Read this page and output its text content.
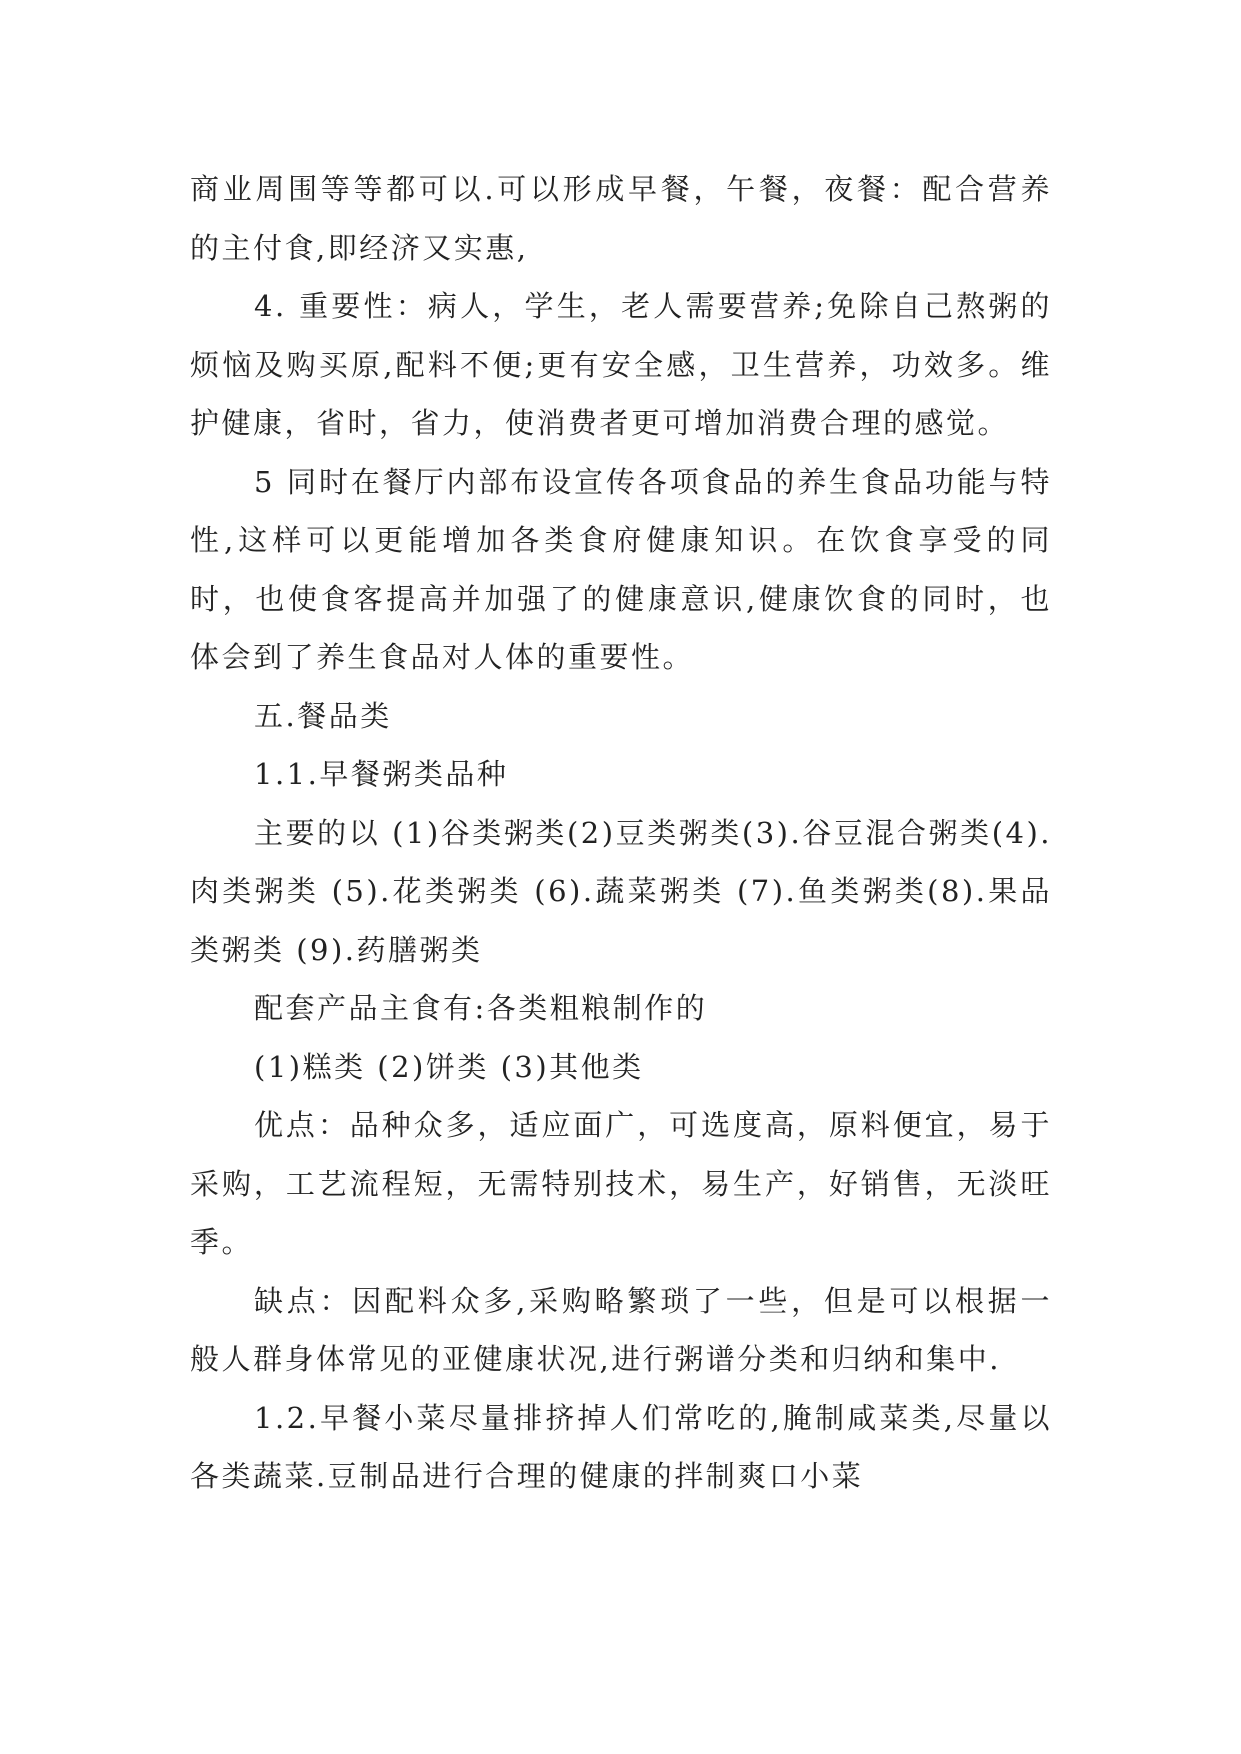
商业周围等等都可以.可以形成早餐，午餐，夜餐：配合营养的主付食,即经济又实惠,

4. 重要性：病人，学生，老人需要营养;免除自己熬粥的烦恼及购买原,配料不便;更有安全感，卫生营养，功效多。维护健康，省时，省力，使消费者更可增加消费合理的感觉。

5 同时在餐厅内部布设宣传各项食品的养生食品功能与特性,这样可以更能增加各类食府健康知识。在饮食享受的同时，也使食客提高并加强了的健康意识,健康饮食的同时，也体会到了养生食品对人体的重要性。

五.餐品类

1.1.早餐粥类品种

主要的以 (1)谷类粥类(2)豆类粥类(3).谷豆混合粥类(4).肉类粥类 (5).花类粥类 (6).蔬菜粥类 (7).鱼类粥类(8).果品类粥类 (9).药膳粥类

配套产品主食有:各类粗粮制作的

(1)糕类 (2)饼类 (3)其他类

优点：品种众多，适应面广，可选度高，原料便宜，易于采购，工艺流程短，无需特别技术，易生产，好销售，无淡旺季。

缺点：因配料众多,采购略繁琐了一些，但是可以根据一般人群身体常见的亚健康状况,进行粥谱分类和归纳和集中.

1.2.早餐小菜尽量排挤掉人们常吃的,腌制咸菜类,尽量以各类蔬菜.豆制品进行合理的健康的拌制爽口小菜
